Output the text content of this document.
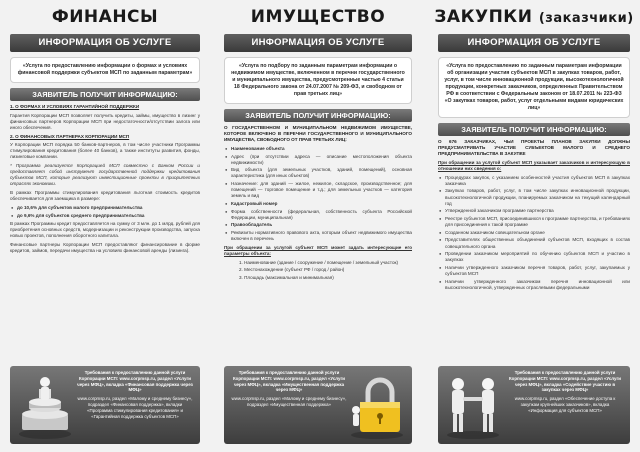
ФИНАНСЫ
ИНФОРМАЦИЯ ОБ УСЛУГЕ
«Услуга по предоставлению информации о формах и условиях финансовой поддержки субъектов МСП по заданным параметрам»
ЗАЯВИТЕЛЬ ПОЛУЧИТ ИНФОРМАЦИЮ:

1. О ФОРМАХ И УСЛОВИЯХ ГАРАНТИЙНОЙ ПОДДЕРЖКИ

Гарантия Корпорации МСП позволяет получить кредиты, займы, имущество в лизинг у финансовых партнеров Корпорации МСП при недостаточности/отсутствии залога или иного обеспечения.

2. О ФИНАНСОВЫХ ПАРТНЕРАХ КОРПОРАЦИИ МСП

У Корпорации МСП порядка 50 банков-партнеров, в том числе участники Программы стимулирования кредитования (более 40 банков), а также институты развития, фонды, лизинговые компании.

* Программа реализуется Корпорацией МСП совместно с Банком России и предоставляет собой инструмент государственной поддержки кредитования субъектов МСП, которые реализуют инвестиционные проекты в приоритетных отраслях экономики.

В рамках Программы стимулирования кредитования льготная стоимость кредитов обеспечивается для заемщика в размере:

● до 10,6% для субъектов малого предпринимательства
● до 9,6% для субъектов среднего предпринимательства

В рамках Программы кредит предоставляется на сумму от 3 млн. до 1 млрд. рублей для приобретения основных средств, модернизации и реконструкции производства, запуска новых проектов, пополнения оборотного капитала.

Финансовые партнеры Корпорации МСП предоставляют финансирование в форме кредитов, займов, передачи имущества на условиях финансовой аренды (лизинга).

Требования к предоставлению данной услуги Корпорации МСП: www.corpmsp.ru, раздел «Услуги через МФЦ», вкладка «Финансовая поддержка через МФЦ»

www.corpmsp.ru, раздел «Малому и среднему бизнесу», подраздел «Финансовая поддержка», вкладки «Программа стимулирования кредитования» и «Гарантийная поддержка субъектов МСП»

ИМУЩЕСТВО
ИНФОРМАЦИЯ ОБ УСЛУГЕ
«Услуга по подбору по заданным параметрам информации о недвижимом имуществе, включенном в перечни государственного и муниципального имущества, предусмотренные частью 4 статьи 18 Федерального закона от 24.07.2007 № 209-ФЗ, и свободном от прав третьих лиц»
ЗАЯВИТЕЛЬ ПОЛУЧИТ ИНФОРМАЦИЮ:

О ГОСУДАРСТВЕННОМ И МУНИЦИПАЛЬНОМ НЕДВИЖИМОМ ИМУЩЕСТВЕ, КОТОРОЕ ВКЛЮЧЕНО В ПЕРЕЧНИ ГОСУДАРСТВЕННОГО И МУНИЦИПАЛЬНОГО ИМУЩЕСТВА, СВОБОДНОГО ОТ ПРАВ ТРЕТЬИХ ЛИЦ:

● Наименование объекта
● Адрес (при отсутствии адреса — описание местоположения объекта недвижимости)
● Вид объекта (для земельных участков, зданий, помещений), основная характеристика (для иных объектов)
● Назначение: для зданий — жилое, нежилое, складское, производственное; для помещений — торговое помещение и т.д.; для земельных участков — категория земель и вид
● Кадастровый номер
● Форма собственности (федеральная, собственность субъекта Российской Федерации, муниципальная)
● Правообладатель
● Реквизиты нормативного правового акта, которым объект недвижимого имущества включен в перечень

При обращении за услугой субъект МСП может задать интересующие его параметры объекта:

1. Наименование (здание / сооружение / помещение / земельный участок)
2. Местонахождение (субъект РФ / город / район)
3. Площадь (максимальная и минимальная)

Требования к предоставлению данной услуги Корпорации МСП: www.corpmsp.ru, раздел «Услуги через МФЦ», вкладка «Имущественная поддержка через МФЦ»

www.corpmsp.ru, раздел «Малому и среднему бизнесу», подраздел «Имущественная поддержка»

ЗАКУПКИ (заказчики)
ИНФОРМАЦИЯ ОБ УСЛУГЕ
«Услуга по предоставлению по заданным параметрам информации об организации участия субъектов МСП в закупках товаров, работ, услуг, в том числе инновационной продукции, высокотехнологичной продукции, конкретных заказчиков, определенных Правительством РФ в соответствии с Федеральным законом от 18.07.2011 № 223-ФЗ «О закупках товаров, работ, услуг отдельными видами юридических лиц»
ЗАЯВИТЕЛЬ ПОЛУЧИТ ИНФОРМАЦИЮ:

О 676 ЗАКАЗЧИКАХ, ЧЬИ ПРОЕКТЫ ПЛАНОВ ЗАКУПКИ ДОЛЖНЫ ПРЕДУСМАТРИВАТЬ УЧАСТИЕ СУБЪЕКТОВ МАЛОГО И СРЕДНЕГО ПРЕДПРИНИМАТЕЛЬСТВА В ЗАКУПКЕ

При обращении за услугой субъект МСП указывает заказчиков и интересующую в отношении них сведения о:

● Процедурах закупок, с указанием особенностей участия субъектов МСП в закупках заказчика
● Закупках товаров, работ, услуг, в том числе закупках инновационной продукции, высокотехнологичной продукции, планируемых заказчиком на текущий календарный год
● Утвержденной заказчиком программе партнерства
● Реестре субъектов МСП, присоединившихся к программе партнерства, и требованиях для присоединения к такой программе
● Созданном заказчиком совещательном органе
● Представителях общественных объединений субъектов МСП, входящих в состав совещательного органа
● Проведении заказчиком мероприятий по обучению субъектов МСП и участию в закупках
● Наличии утвержденного заказчиком перечня товаров, работ, услуг, закупаемых у субъектов МСП
● Наличии утвержденного заказчиком перечня инновационной или высокотехнологичной, утвержденных отраслевыми федеральными

Требования к предоставлению данной услуги Корпорации МСП: www.corpmsp.ru, раздел «Услуги через МФЦ», вкладка «Содействие участию в закупках через МФЦ»

www.corpmsp.ru, раздел «Обеспечение доступа к закупкам крупнейших заказчиков», вкладка «Информация для субъектов МСП»
